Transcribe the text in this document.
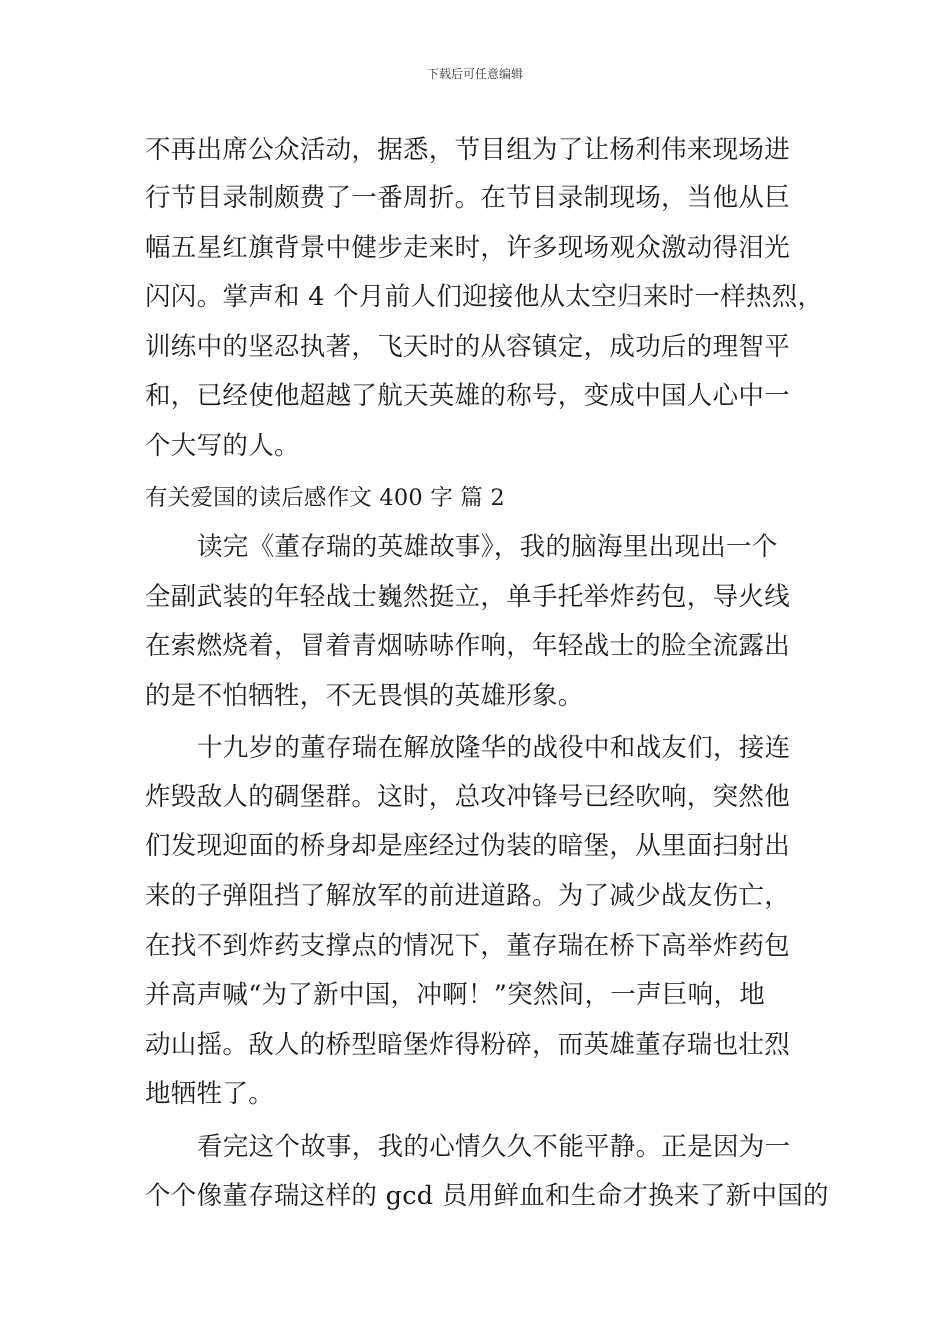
下载后可任意编辑
不再出席公众活动，据悉，节目组为了让杨利伟来现场进
行节目录制颇费了一番周折。在节目录制现场，当他从巨
幅五星红旗背景中健步走来时，许多现场观众激动得泪光
闪闪。掌声和 4 个月前人们迎接他从太空归来时一样热烈，
训练中的坚忍执著，飞天时的从容镇定，成功后的理智平
和，已经使他超越了航天英雄的称号，变成中国人心中一
个大写的人。
有关爱国的读后感作文 400 字 篇 2
读完《董存瑞的英雄故事》，我的脑海里出现出一个
全副武装的年轻战士巍然挺立，单手托举炸药包，导火线
在索燃烧着，冒着青烟哧哧作响，年轻战士的脸全流露出
的是不怕牺牲，不无畏惧的英雄形象。
十九岁的董存瑞在解放隆华的战役中和战友们，接连
炸毁敌人的碉堡群。这时，总攻冲锋号已经吹响，突然他
们发现迎面的桥身却是座经过伪装的暗堡，从里面扫射出
来的子弹阻挡了解放军的前进道路。为了减少战友伤亡，
在找不到炸药支撑点的情况下，董存瑞在桥下高举炸药包
并高声喊“为了新中国，冲啊！”突然间，一声巨响，地
动山摇。敌人的桥型暗堡炸得粉碎，而英雄董存瑞也壮烈
地牺牲了。
看完这个故事，我的心情久久不能平静。正是因为一
个个像董存瑞这样的 gcd 员用鲜血和生命才换来了新中国的
